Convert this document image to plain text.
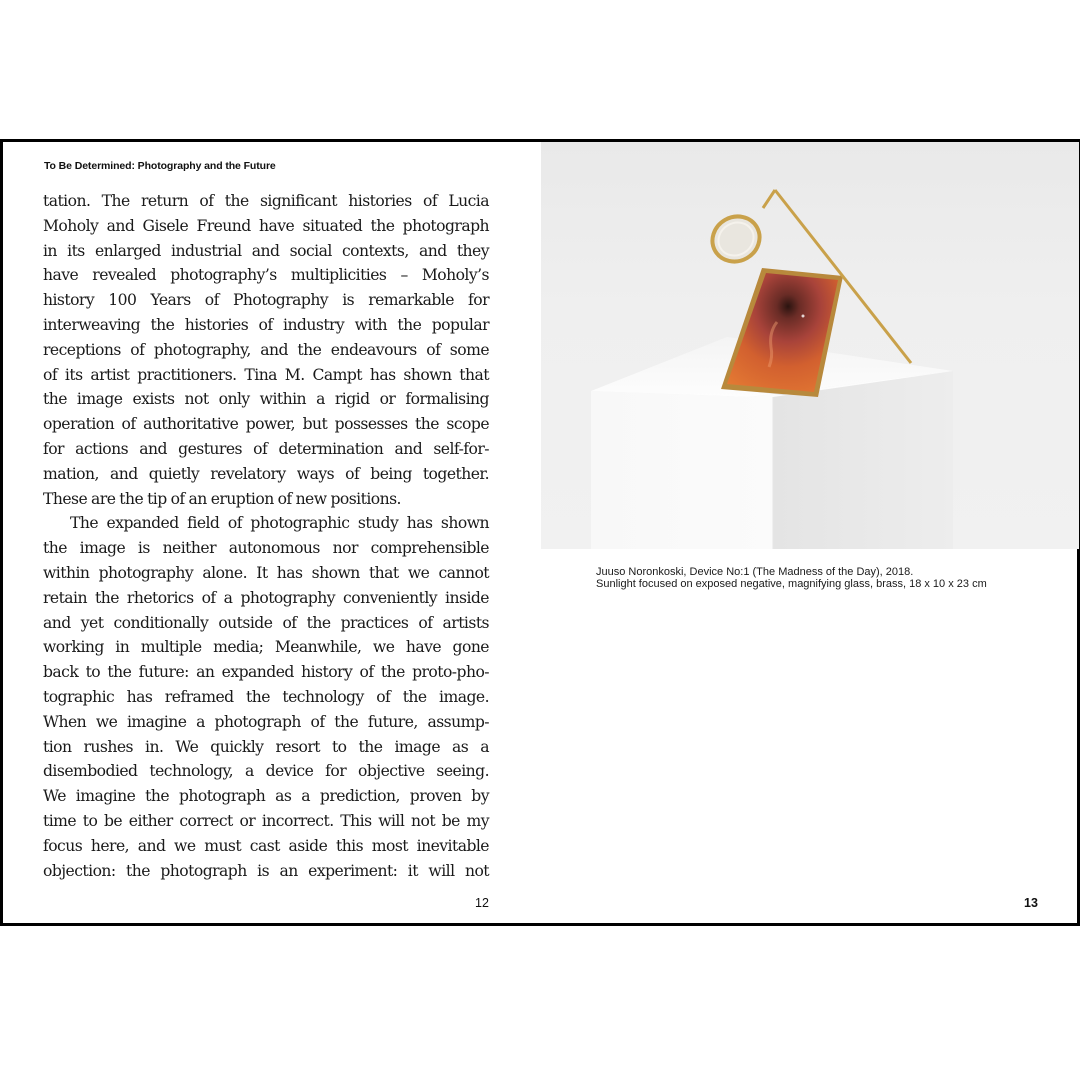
To Be Determined: Photography and the Future
tation. The return of the significant histories of Lucia
Moholy and Gisele Freund have situated the photograph
in its enlarged industrial and social contexts, and they
have revealed photography’s multiplicities – Moholy’s
history 100 Years of Photography is remarkable for
interweaving the histories of industry with the popular
receptions of photography, and the endeavours of some
of its artist practitioners. Tina M. Campt has shown that
the image exists not only within a rigid or formalising
operation of authoritative power, but possesses the scope
for actions and gestures of determination and self-for-
mation, and quietly revelatory ways of being together.
These are the tip of an eruption of new positions.
The expanded field of photographic study has shown
the image is neither autonomous nor comprehensible
within photography alone. It has shown that we cannot
retain the rhetorics of a photography conveniently inside
and yet conditionally outside of the practices of artists
working in multiple media; Meanwhile, we have gone
back to the future: an expanded history of the proto-pho-
tographic has reframed the technology of the image.
When we imagine a photograph of the future, assump-
tion rushes in. We quickly resort to the image as a
disembodied technology, a device for objective seeing.
We imagine the photograph as a prediction, proven by
time to be either correct or incorrect. This will not be my
focus here, and we must cast aside this most inevitable
objection: the photograph is an experiment: it will not
Juuso Noronkoski, Device No:1 (The Madness of the Day), 2018.
Sunlight focused on exposed negative, magnifying glass, brass, 18 x 10 x 23 cm
12	13
